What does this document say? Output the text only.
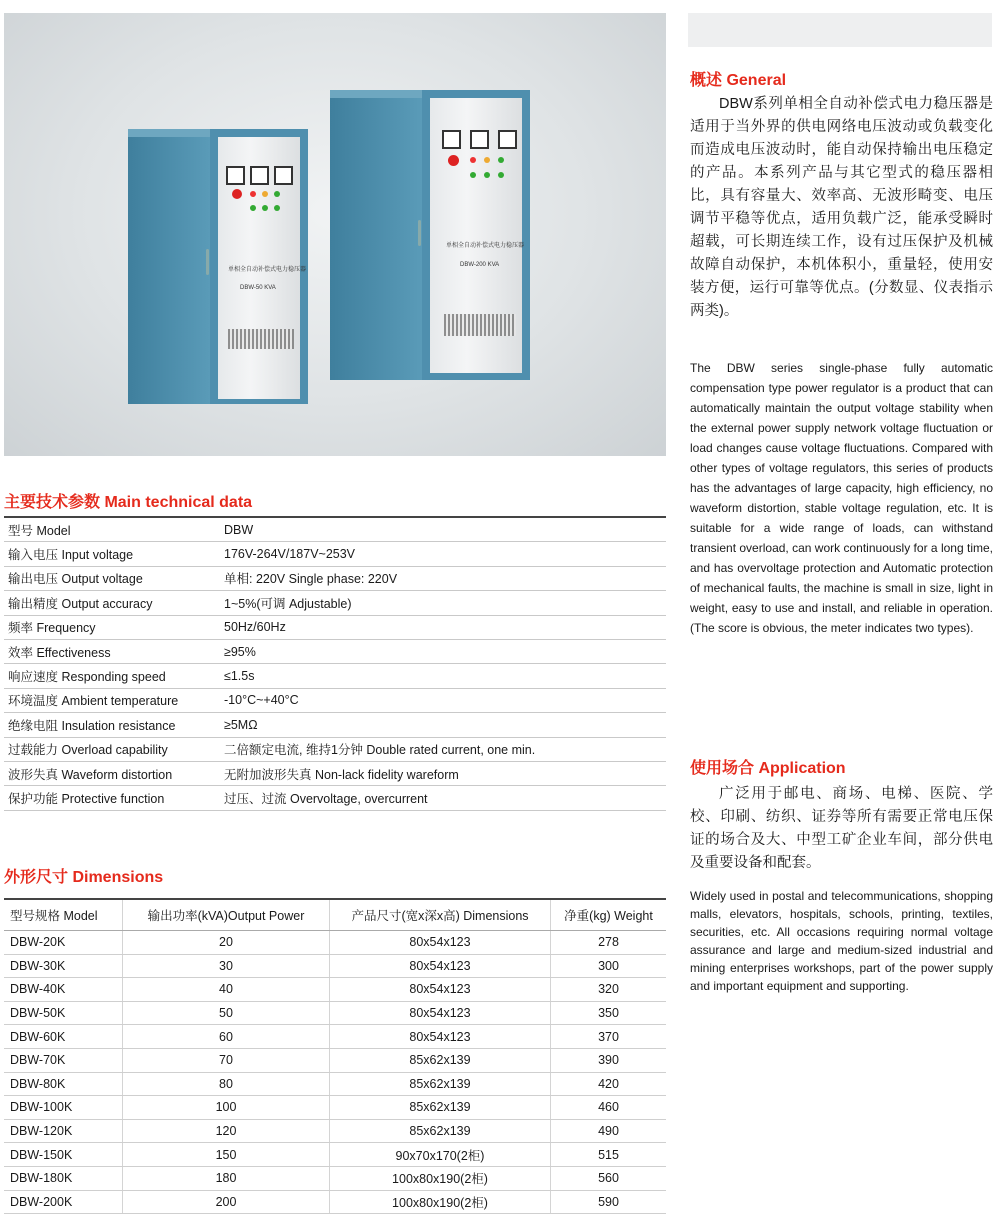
单相全自动补偿式电力稳压器
DBW-50 KVA
单相全自动补偿式电力稳压器
DBW-200 KVA
概述 General

DBW系列单相全自动补偿式电力稳压器是适用于当外界的供电网络电压波动或负载变化而造成电压波动时，能自动保持输出电压稳定的产品。本系列产品与其它型式的稳压器相比，具有容量大、效率高、无波形畸变、电压调节平稳等优点，适用负载广泛，能承受瞬时超载，可长期连续工作，设有过压保护及机械故障自动保护，本机体积小，重量轻，使用安装方便，运行可靠等优点。(分数显、仪表指示两类)。

The DBW series single-phase fully automatic compensation type power regulator is a product that can automatically maintain the output voltage stability when the external power supply network voltage fluctuation or load changes cause voltage fluctuations. Compared with other types of voltage regulators, this series of products has the advantages of large capacity, high efficiency, no waveform distortion, stable voltage regulation, etc. It is suitable for a wide range of loads, can withstand transient overload, can work continuously for a long time, and has overvoltage protection and Automatic protection of mechanical faults, the machine is small in size, light in weight, easy to use and install, and reliable in operation. (The score is obvious, the meter indicates two types).

使用场合 Application

广泛用于邮电、商场、电梯、医院、学校、印刷、纺织、证券等所有需要正常电压保证的场合及大、中型工矿企业车间，部分供电及重要设备和配套。

Widely used in postal and telecommunications, shopping malls, elevators, hospitals, schools, printing, textiles, securities, etc. All occasions requiring normal voltage assurance and large and medium-sized industrial and mining enterprises workshops, part of the power supply and important equipment and supporting.

主要技术参数 Main technical data
型号 Model	DBW
输入电压 Input voltage	176V-264V/187V~253V
输出电压 Output voltage	单相: 220V Single phase: 220V
输出精度 Output accuracy	1~5%(可调 Adjustable)
频率 Frequency	50Hz/60Hz
效率 Effectiveness	≥95%
响应速度 Responding speed	≤1.5s
环境温度 Ambient temperature	-10°C~+40°C
绝缘电阻 Insulation resistance	≥5MΩ
过载能力 Overload capability	二倍额定电流, 维持1分钟 Double rated current, one min.
波形失真 Waveform distortion	无附加波形失真 Non-lack fidelity wareform
保护功能 Protective function	过压、过流 Overvoltage, overcurrent
外形尺寸 Dimensions
型号规格 Model	输出功率(kVA)Output Power	产品尺寸(宽x深x高) Dimensions	净重(kg) Weight
DBW-20K	20	80x54x123	278
DBW-30K	30	80x54x123	300
DBW-40K	40	80x54x123	320
DBW-50K	50	80x54x123	350
DBW-60K	60	80x54x123	370
DBW-70K	70	85x62x139	390
DBW-80K	80	85x62x139	420
DBW-100K	100	85x62x139	460
DBW-120K	120	85x62x139	490
DBW-150K	150	90x70x170(2柜)	515
DBW-180K	180	100x80x190(2柜)	560
DBW-200K	200	100x80x190(2柜)	590
